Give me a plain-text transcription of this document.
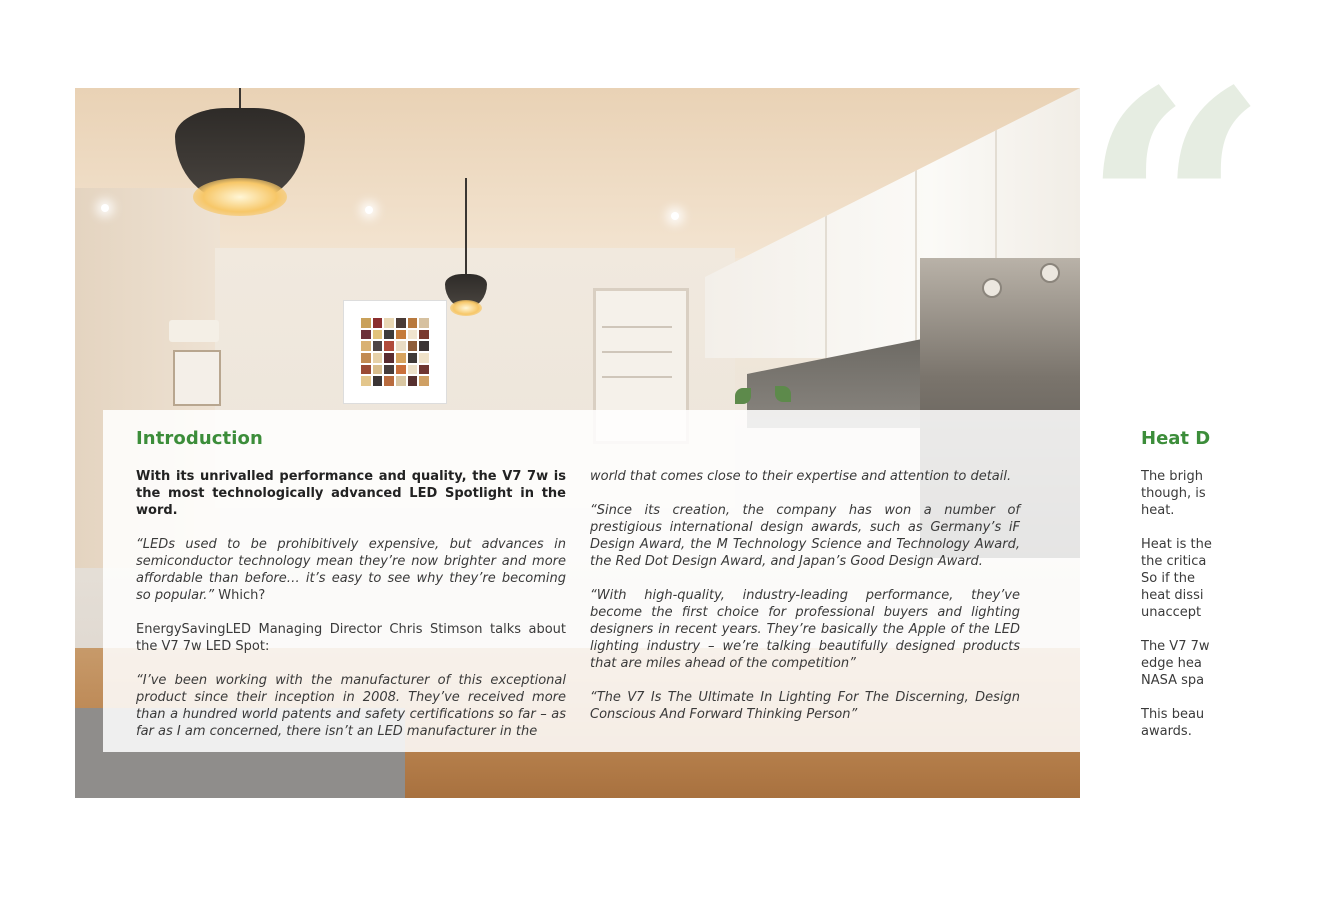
Introduction

With its unrivalled performance and quality, the V7 7w is the most technologically advanced LED Spotlight in the word.

“LEDs used to be prohibitively expensive, but advances in semiconductor technology mean they’re now brighter and more affordable than before… it’s easy to see why they’re becoming so popular.” Which?

EnergySavingLED Managing Director Chris Stimson talks about the V7 7w LED Spot:

“I’ve been working with the manufacturer of this exceptional product since their inception in 2008. They’ve received more than a hundred world patents and safety certifications so far – as far as I am concerned, there isn’t an LED manufacturer in the

world that comes close to their expertise and attention to detail.

“Since its creation, the company has won a number of prestigious international design awards, such as Germany’s iF Design Award, the M Technology Science and Technology Award, the Red Dot Design Award, and Japan’s Good Design Award.

“With high-quality, industry-leading performance, they’ve become the first choice for professional buyers and lighting designers in recent years. They’re basically the Apple of the LED lighting industry – we’re talking beautifully designed products that are miles ahead of the competition”

“The V7 Is The Ultimate In Lighting For The Discerning, Design Conscious And Forward Thinking Person”

“
Heat D
The brigh
though, is
heat.
Heat is the
the critica
So if the
heat dissi
unaccept
The V7 7w
edge hea
NASA spa
This beau
awards.
